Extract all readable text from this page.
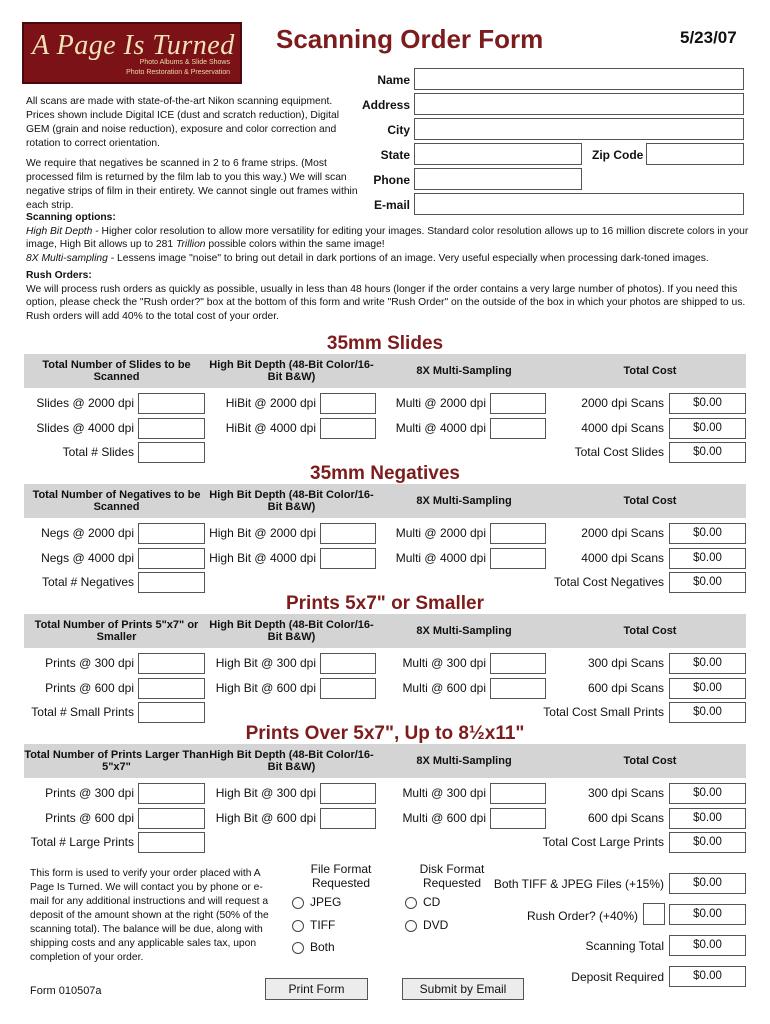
A Page Is Turned
Photo Albums & Slide Shows
Photo Restoration & Preservation
Scanning Order Form	5/23/07
Name
Address
City
State	Zip Code
Phone
E-mail

All scans are made with state-of-the-art Nikon scanning equipment. Prices shown include Digital ICE (dust and scratch reduction), Digital GEM (grain and noise reduction), exposure and color correction and rotation to correct orientation.

We require that negatives be scanned in 2 to 6 frame strips. (Most processed film is returned by the film lab to you this way.) We will scan negative strips of film in their entirety. We cannot single out frames within each strip.

Scanning options:
High Bit Depth - Higher color resolution to allow more versatility for editing your images. Standard color resolution allows up to 16 million discrete colors in your image, High Bit allows up to 281 Trillion possible colors within the same image!
8X Multi-sampling - Lessens image "noise" to bring out detail in dark portions of an image. Very useful especially when processing dark-toned images.
Rush Orders:
We will process rush orders as quickly as possible, usually in less than 48 hours (longer if the order contains a very large number of photos). If you need this option, please check the "Rush order?" box at the bottom of this form and write "Rush Order" on the outside of the box in which your photos are shipped to us. Rush orders will add 40% to the total cost of your order.
35mm Slides
Total Number of Slides to be Scanned
High Bit Depth (48-Bit Color/16-Bit B&W)	8X Multi-Sampling	Total Cost
Slides @ 2000 dpi	HiBit @ 2000 dpi	Multi @ 2000 dpi	2000 dpi Scans	$0.00
Slides @ 4000 dpi	HiBit @ 4000 dpi	Multi @ 4000 dpi	4000 dpi Scans	$0.00
Total # Slides	Total Cost Slides	$0.00
35mm Negatives
Total Number of Negatives to be Scanned
High Bit Depth (48-Bit Color/16-Bit B&W)	8X Multi-Sampling	Total Cost
Negs @ 2000 dpi	High Bit @ 2000 dpi	Multi @ 2000 dpi	2000 dpi Scans	$0.00
Negs @ 4000 dpi	High Bit @ 4000 dpi	Multi @ 4000 dpi	4000 dpi Scans	$0.00
Total # Negatives	Total Cost Negatives	$0.00
Prints 5x7" or Smaller
Total Number of Prints 5"x7" or Smaller
High Bit Depth (48-Bit Color/16-Bit B&W)	8X Multi-Sampling	Total Cost
Prints @ 300 dpi	High Bit @ 300 dpi	Multi @ 300 dpi	300 dpi Scans	$0.00
Prints @ 600 dpi	High Bit @ 600 dpi	Multi @ 600 dpi	600 dpi Scans	$0.00
Total # Small Prints	Total Cost Small Prints	$0.00
Prints Over 5x7", Up to 8½x11"
Total Number of Prints Larger Than 5"x7"
High Bit Depth (48-Bit Color/16-Bit B&W)	8X Multi-Sampling	Total Cost
Prints @ 300 dpi	High Bit @ 300 dpi	Multi @ 300 dpi	300 dpi Scans	$0.00
Prints @ 600 dpi	High Bit @ 600 dpi	Multi @ 600 dpi	600 dpi Scans	$0.00
Total # Large Prints	Total Cost Large Prints	$0.00
This form is used to verify your order placed with A Page Is Turned. We will contact you by phone or e-mail for any additional instructions and will request a deposit of the amount shown at the right (50% of the scanning total). The balance will be due, along with shipping costs and any applicable sales tax, upon completion of your order.
File Format Requested
JPEG
TIFF
Both
Disk Format Requested
CD
DVD
Both TIFF & JPEG Files (+15%)	$0.00
Rush Order? (+40%)	$0.00
Scanning Total	$0.00
Deposit Required	$0.00
Print Form	Submit by Email
Form 010507a
